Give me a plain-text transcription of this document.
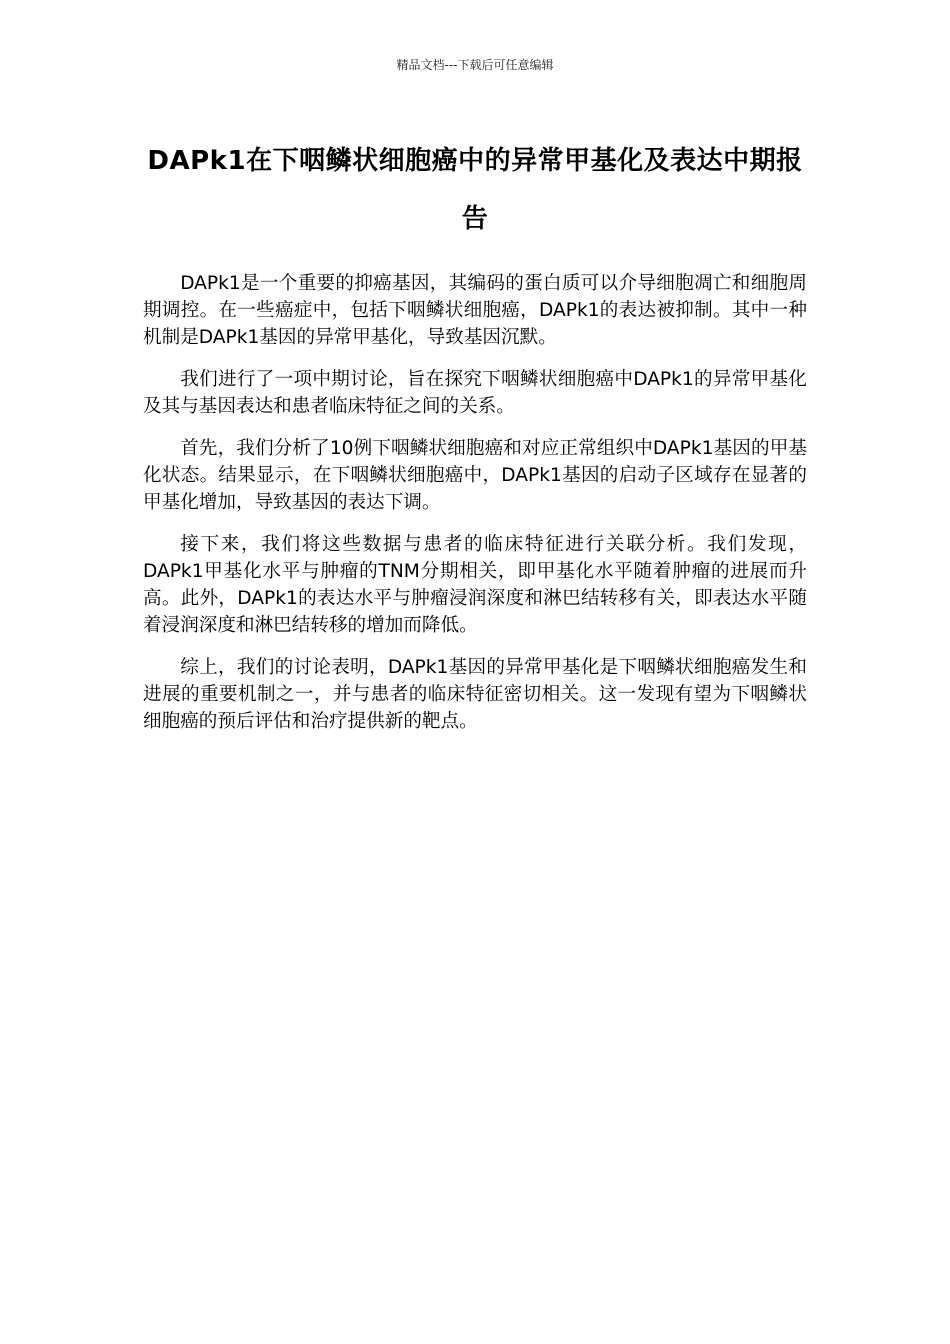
精品文档---下载后可任意编辑
DAPk1在下咽鳞状细胞癌中的异常甲基化及表达中期报告

DAPk1是一个重要的抑癌基因，其编码的蛋白质可以介导细胞凋亡和细胞周期调控。在一些癌症中，包括下咽鳞状细胞癌，DAPk1的表达被抑制。其中一种机制是DAPk1基因的异常甲基化，导致基因沉默。

我们进行了一项中期讨论，旨在探究下咽鳞状细胞癌中DAPk1的异常甲基化及其与基因表达和患者临床特征之间的关系。

首先，我们分析了10例下咽鳞状细胞癌和对应正常组织中DAPk1基因的甲基化状态。结果显示，在下咽鳞状细胞癌中，DAPk1基因的启动子区域存在显著的甲基化增加，导致基因的表达下调。

接下来，我们将这些数据与患者的临床特征进行关联分析。我们发现，DAPk1甲基化水平与肿瘤的TNM分期相关，即甲基化水平随着肿瘤的进展而升高。此外，DAPk1的表达水平与肿瘤浸润深度和淋巴结转移有关，即表达水平随着浸润深度和淋巴结转移的增加而降低。

综上，我们的讨论表明，DAPk1基因的异常甲基化是下咽鳞状细胞癌发生和进展的重要机制之一，并与患者的临床特征密切相关。这一发现有望为下咽鳞状细胞癌的预后评估和治疗提供新的靶点。
